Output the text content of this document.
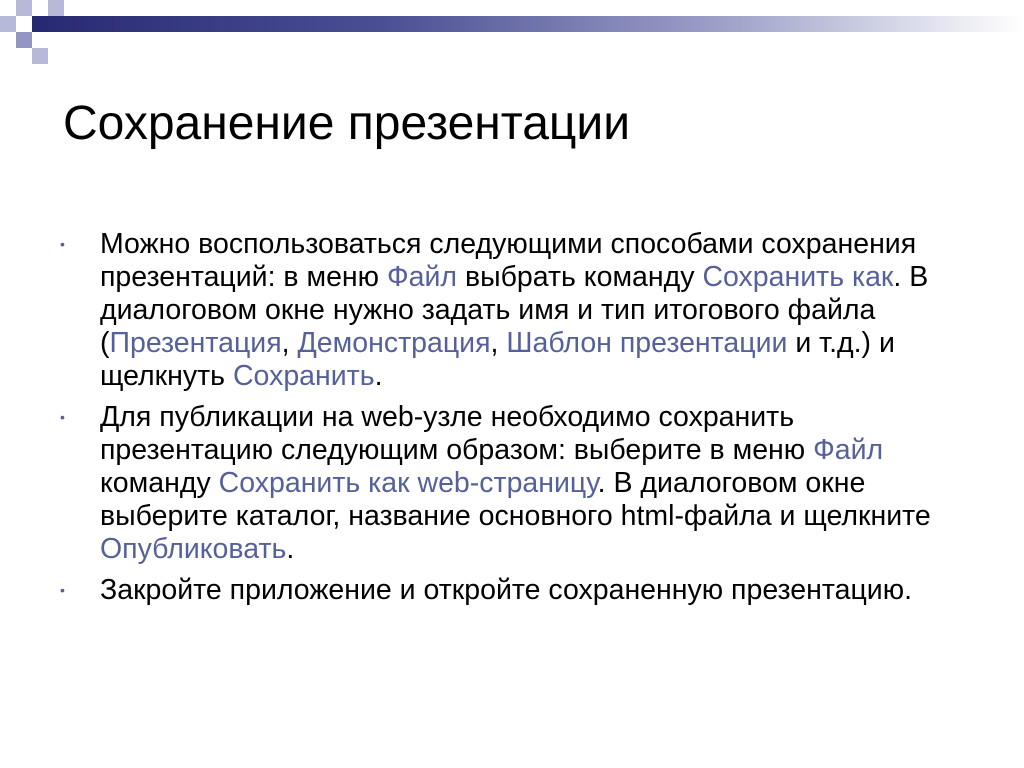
Сохранение презентации
• Можно воспользоваться следующими способами сохранения презентаций: в меню Файл выбрать команду Сохранить как. В диалоговом окне нужно задать имя и тип итогового файла (Презентация, Демонстрация, Шаблон презентации и т.д.) и щелкнуть Сохранить.
• Для публикации на web-узле необходимо сохранить презентацию следующим образом: выберите в меню Файл команду Сохранить как web-страницу. В диалоговом окне выберите каталог, название основного html-файла и щелкните Опубликовать.
• Закройте приложение и откройте сохраненную презентацию.
